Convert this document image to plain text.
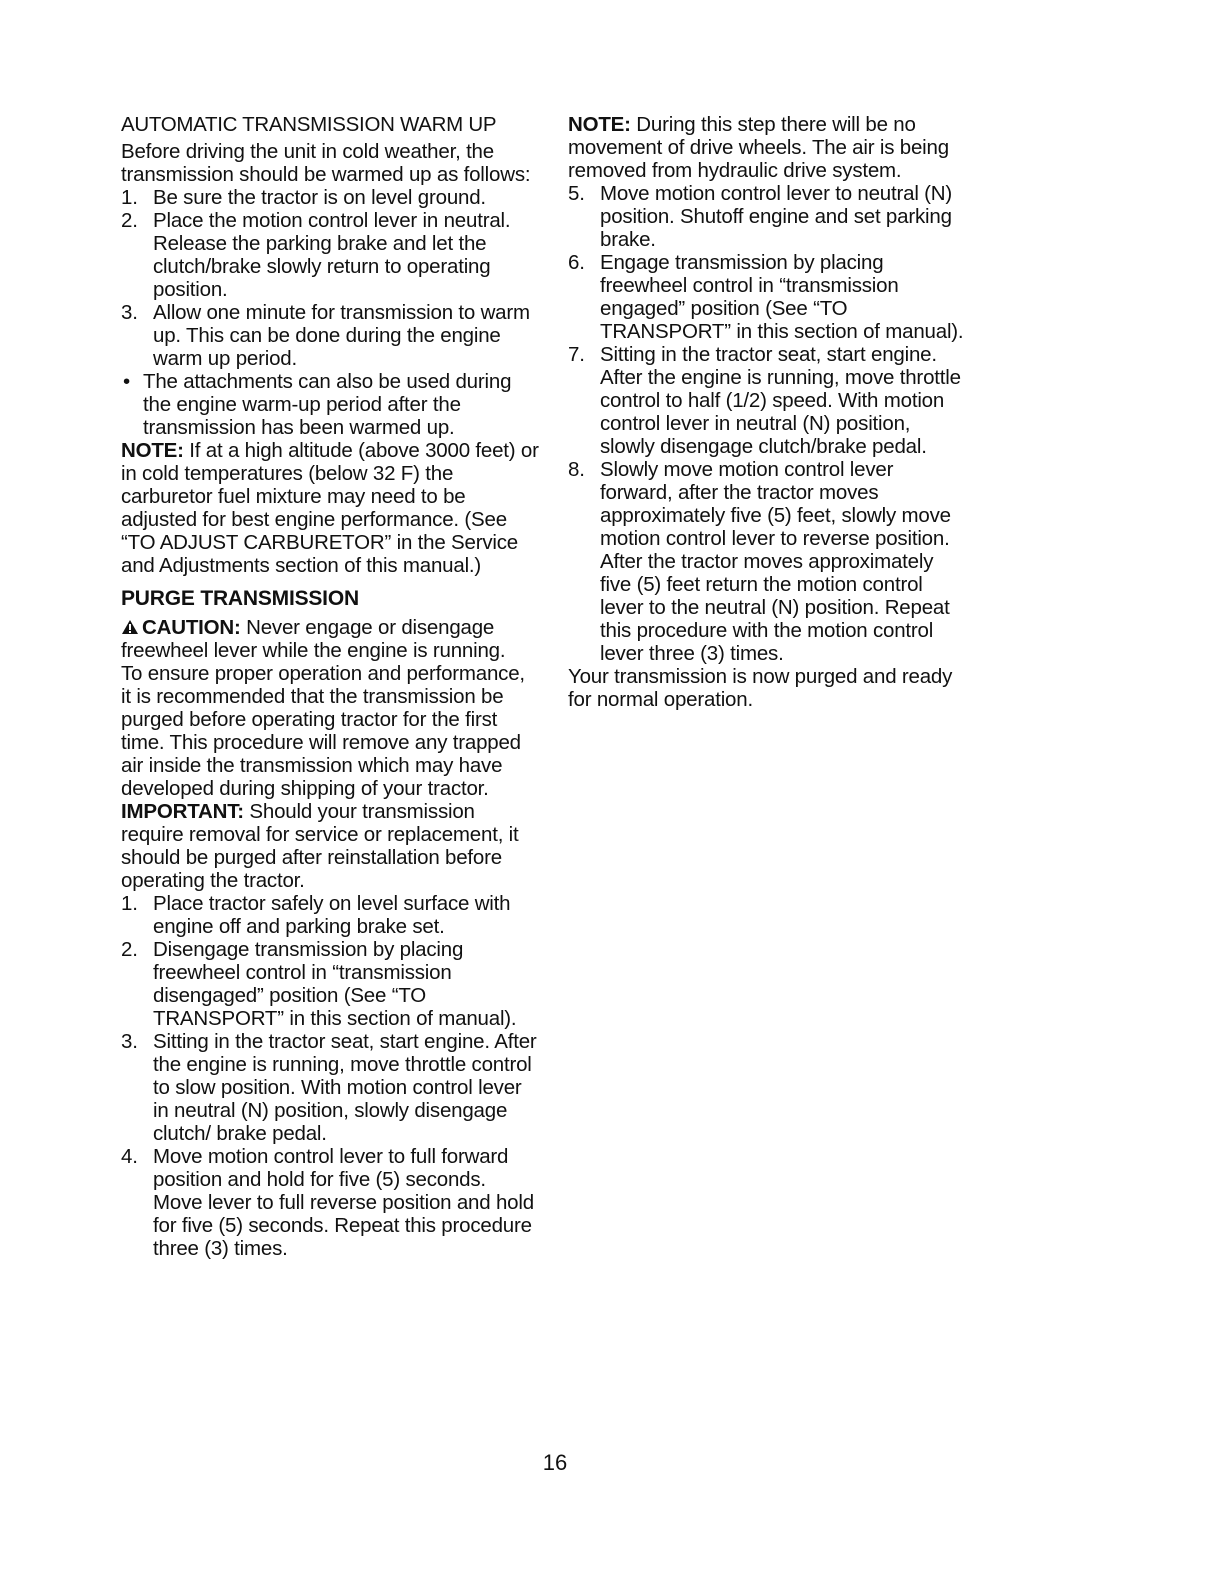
AUTOMATIC TRANSMISSION WARM UP

Before driving the unit in cold weather, the transmission should be warmed up as follows:

1. Be sure the tractor is on level ground.
2. Place the motion control lever in neutral. Release the parking brake and let the clutch/brake slowly return to operating position.
3. Allow one minute for transmission to warm up. This can be done during the engine warm up period.
• The attachments can also be used during the engine warm-up period after the transmission has been warmed up.

NOTE: If at a high altitude (above 3000 feet) or in cold temperatures (below 32 F) the carburetor fuel mixture may need to be adjusted for best engine performance. (See “TO ADJUST CARBURETOR” in the Service and Adjustments section of this manual.)

PURGE TRANSMISSION

CAUTION: Never engage or disengage freewheel lever while the engine is running.

To ensure proper operation and performance, it is recommended that the transmission be purged before operating tractor for the first time. This procedure will remove any trapped air inside the transmission which may have developed during shipping of your tractor.

IMPORTANT: Should your transmission require removal for service or replacement, it should be purged after reinstallation before operating the tractor.

1. Place tractor safely on level surface with engine off and parking brake set.
2. Disengage transmission by placing freewheel control in “transmission disengaged” position (See “TO TRANSPORT” in this section of manual).
3. Sitting in the tractor seat, start engine. After the engine is running, move throttle control to slow position. With motion control lever in neutral (N) position, slowly disengage clutch/ brake pedal.
4. Move motion control lever to full forward position and hold for five (5) seconds. Move lever to full reverse position and hold for five (5) seconds. Repeat this procedure three (3) times.

NOTE: During this step there will be no movement of drive wheels. The air is being removed from hydraulic drive system.

5. Move motion control lever to neutral (N) position. Shutoff engine and set parking brake.
6. Engage transmission by placing freewheel control in “transmission engaged” position (See “TO TRANSPORT” in this section of manual).
7. Sitting in the tractor seat, start engine. After the engine is running, move throttle control to half (1/2) speed. With motion control lever in neutral (N) position, slowly disengage clutch/brake pedal.
8. Slowly move motion control lever forward, after the tractor moves approximately five (5) feet, slowly move motion control lever to reverse position. After the tractor moves approximately five (5) feet return the motion control lever to the neutral (N) position. Repeat this procedure with the motion control lever three (3) times.

Your transmission is now purged and ready for normal operation.

16
